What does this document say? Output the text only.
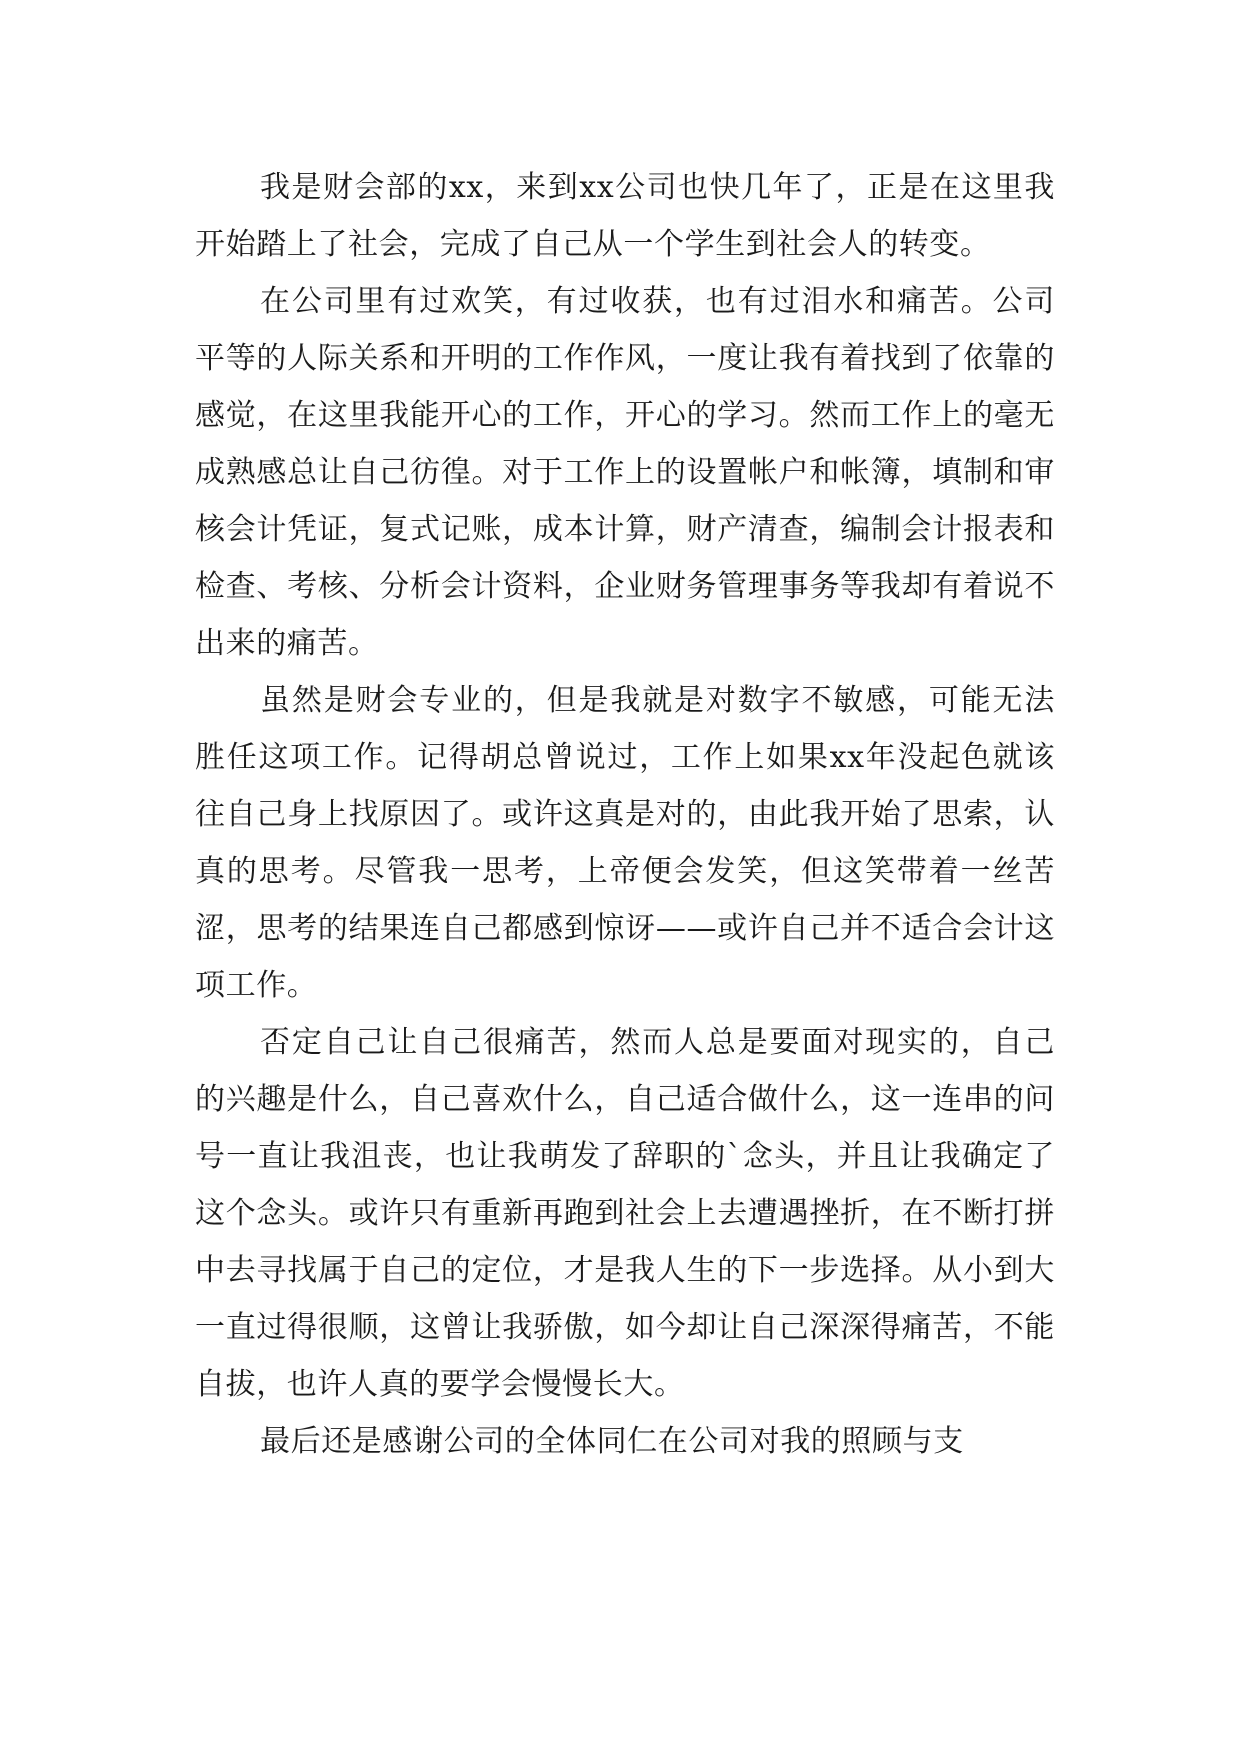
我是财会部的xx，来到xx公司也快几年了，正是在这里我开始踏上了社会，完成了自己从一个学生到社会人的转变。

在公司里有过欢笑，有过收获，也有过泪水和痛苦。公司平等的人际关系和开明的工作作风，一度让我有着找到了依靠的感觉，在这里我能开心的工作，开心的学习。然而工作上的毫无成熟感总让自己彷徨。对于工作上的设置帐户和帐簿，填制和审核会计凭证，复式记账，成本计算，财产清查，编制会计报表和检查、考核、分析会计资料，企业财务管理事务等我却有着说不出来的痛苦。

虽然是财会专业的，但是我就是对数字不敏感，可能无法胜任这项工作。记得胡总曾说过，工作上如果xx年没起色就该往自己身上找原因了。或许这真是对的，由此我开始了思索，认真的思考。尽管我一思考，上帝便会发笑，但这笑带着一丝苦涩，思考的结果连自己都感到惊讶——或许自己并不适合会计这项工作。

否定自己让自己很痛苦，然而人总是要面对现实的，自己的兴趣是什么，自己喜欢什么，自己适合做什么，这一连串的问号一直让我沮丧，也让我萌发了辞职的`念头，并且让我确定了这个念头。或许只有重新再跑到社会上去遭遇挫折，在不断打拼中去寻找属于自己的定位，才是我人生的下一步选择。从小到大一直过得很顺，这曾让我骄傲，如今却让自己深深得痛苦，不能自拔，也许人真的要学会慢慢长大。

最后还是感谢公司的全体同仁在公司对我的照顾与支
